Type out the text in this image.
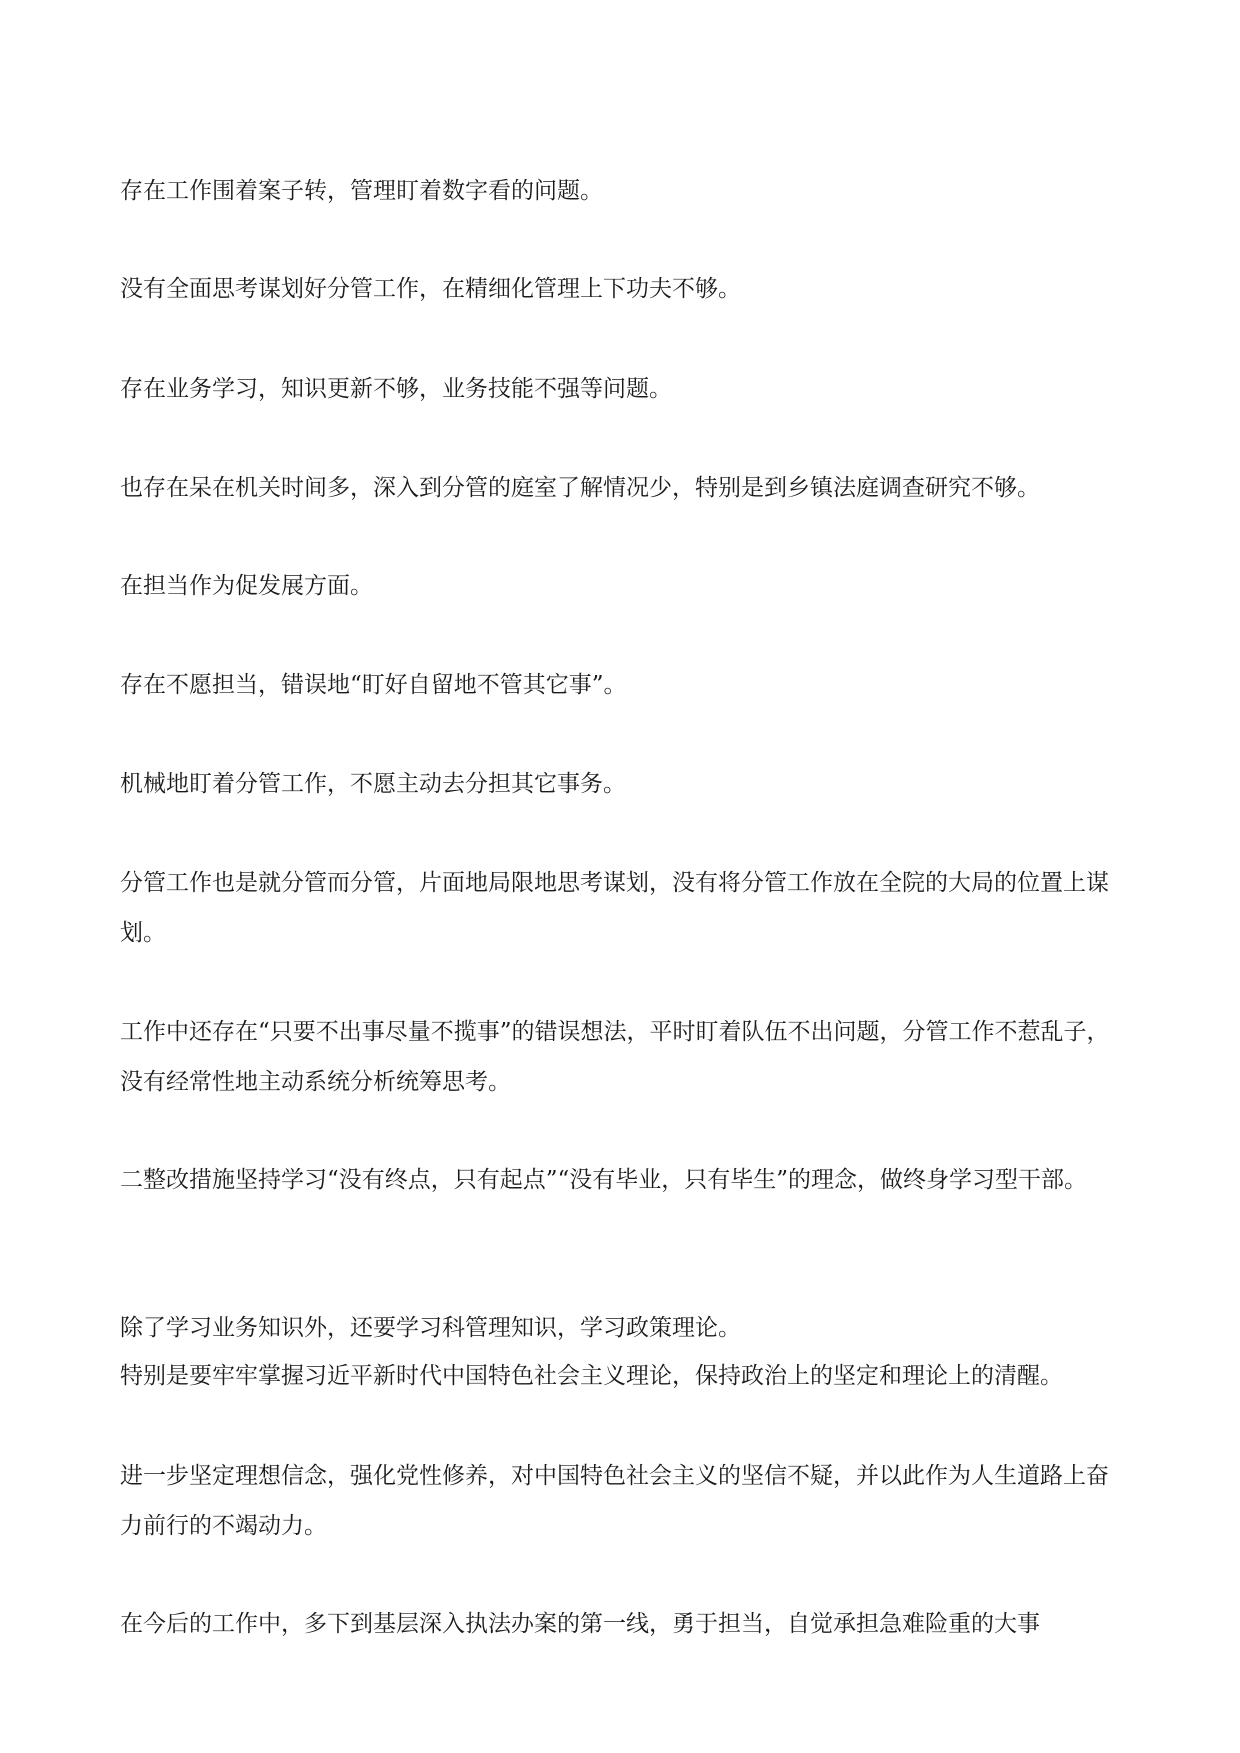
存在工作围着案子转，管理盯着数字看的问题。

没有全面思考谋划好分管工作，在精细化管理上下功夫不够。

存在业务学习，知识更新不够，业务技能不强等问题。

也存在呆在机关时间多，深入到分管的庭室了解情况少，特别是到乡镇法庭调查研究不够。

在担当作为促发展方面。

存在不愿担当，错误地“盯好自留地不管其它事”。

机械地盯着分管工作，不愿主动去分担其它事务。

分管工作也是就分管而分管，片面地局限地思考谋划，没有将分管工作放在全院的大局的位置上谋划。

工作中还存在“只要不出事尽量不揽事”的错误想法，平时盯着队伍不出问题，分管工作不惹乱子，没有经常性地主动系统分析统筹思考。

二整改措施坚持学习“没有终点，只有起点”“没有毕业，只有毕生”的理念，做终身学习型干部。

除了学习业务知识外，还要学习科管理知识，学习政策理论。

特别是要牢牢掌握习近平新时代中国特色社会主义理论，保持政治上的坚定和理论上的清醒。

进一步坚定理想信念，强化党性修养，对中国特色社会主义的坚信不疑，并以此作为人生道路上奋力前行的不竭动力。

在今后的工作中，多下到基层深入执法办案的第一线，勇于担当，自觉承担急难险重的大事
